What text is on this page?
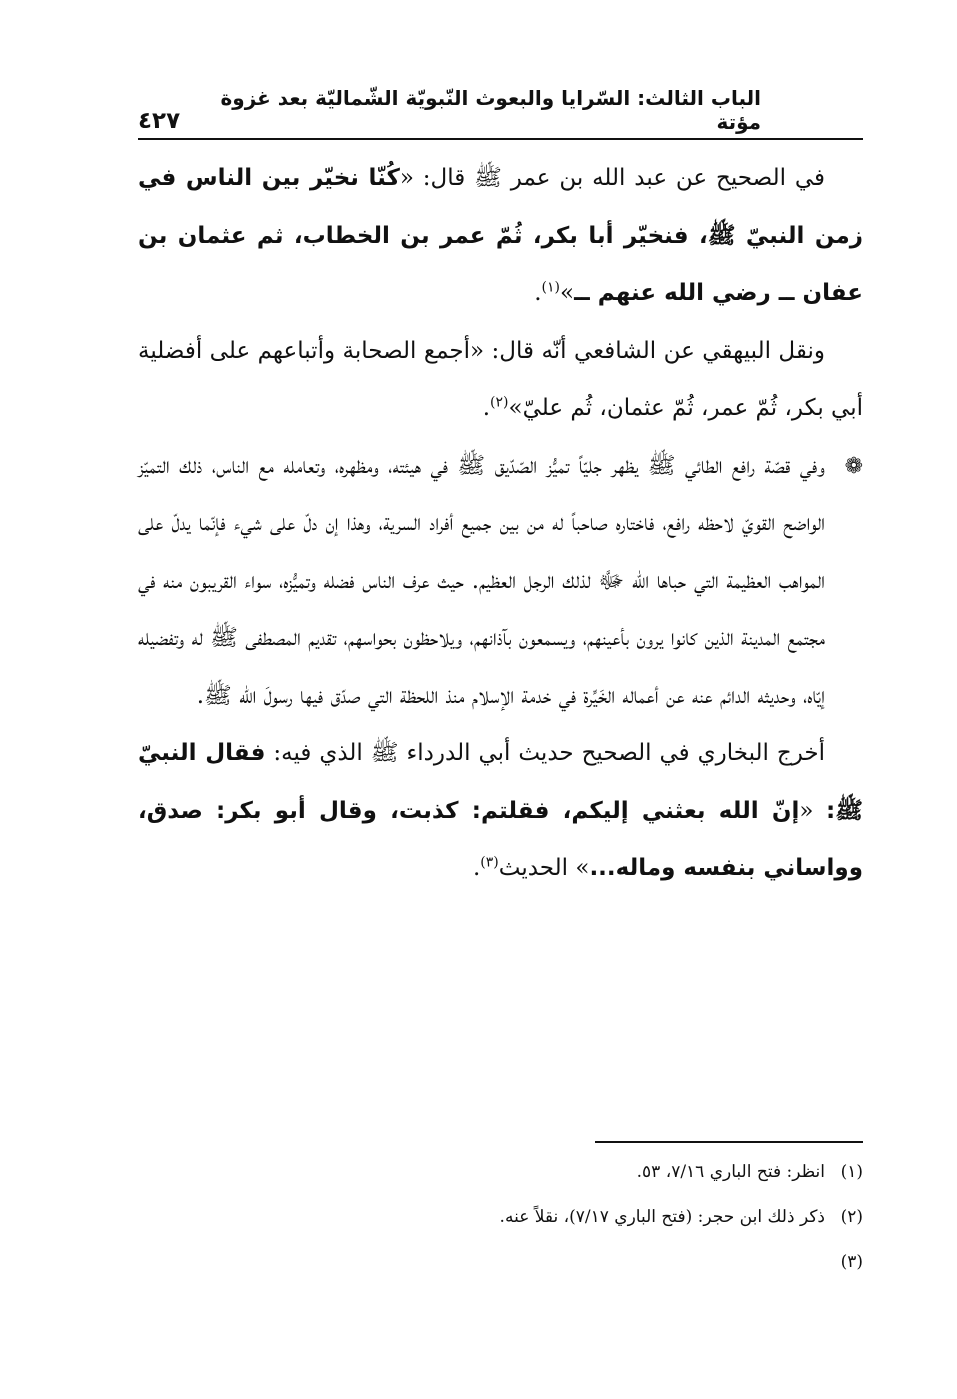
الباب الثالث: السّرايا والبعوث النّبويّة الشّماليّة بعد غزوة مؤتة
٤٢٧

في الصحيح عن عبد الله بن عمر ﷺ قال: «كُنّا نخيّر بين الناس في زمن النبيّ ﷺ، فنخيّر أبا بكر، ثُمّ عمر بن الخطاب، ثم عثمان بن عفان ــ رضي الله عنهم ــ»$^{(١)}$.

ونقل البيهقي عن الشافعي أنّه قال: «أجمع الصحابة وأتباعهم على أفضلية أبي بكر، ثُمّ عمر، ثُمّ عثمان، ثُم عليّ»$^{(٢)}$.

❁
وفي قصّة رافع الطائي ﷺ يظهر جليّاً تميُّز الصّدّيق ﷺ في هيئته، ومظهره، وتعامله مع الناس، ذلك التميّز الواضح القويّ لاحظه رافع، فاختاره صاحباً له من بين جميع أفراد السرية، وهذا إن دلّ على شيء فإنّما يدلّ على المواهب العظيمة التي حباها الله ﷻ لذلك الرجل العظيم. حيث عرف الناس فضله وتميُّزه، سواء القريبون منه في مجتمع المدينة الذين كانوا يرون بأعينهم، ويسمعون بآذانهم، ويلاحظون بحواسهم، تقديم المصطفى ﷺ له وتفضيله إيّاه، وحديثه الدائم عنه عن أعماله الخَيِّرة في خدمة الإسلام منذ اللحظة التي صدّق فيها رسولَ الله ﷺ.

أخرج البخاري في الصحيح حديث أبي الدرداء ﷺ الذي فيه: فقال النبيّ ﷺ: «إنّ الله بعثني إليكم، فقلتم: كذبت، وقال أبو بكر: صدق، وواساني بنفسه وماله...» الحديث$^{(٣)}$.

(١)
انظر: فتح الباري ٧/١٦، ٥٣.
(٢)
ذكر ذلك ابن حجر: (فتح الباري ٧/١٧)، نقلاً عنه.
(٣)
